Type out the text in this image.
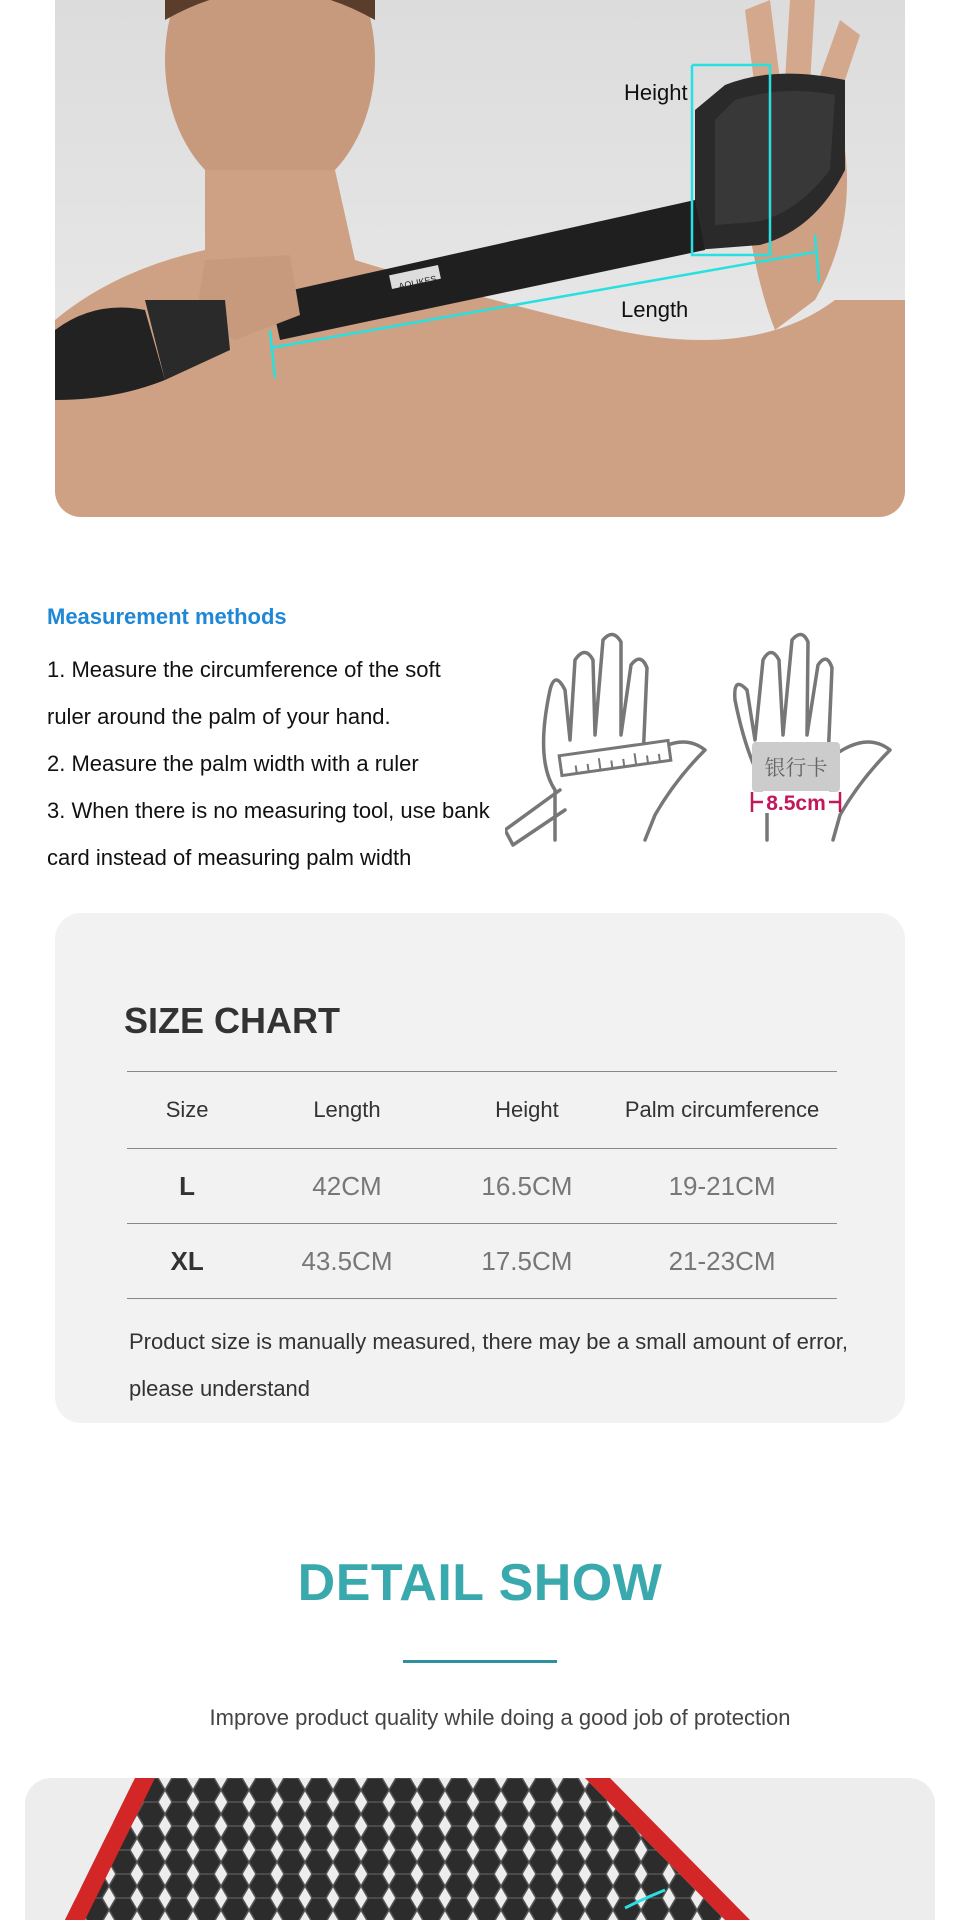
AOLIKES
Height
Length
Measurement methods
1. Measure the circumference of the soft
ruler around the palm of your hand.
2. Measure the palm width with a ruler
3. When there is no measuring tool, use bank
card instead of measuring palm width
银行卡
8.5cm
SIZE CHART
Size	Length	Height	Palm circumference
L	42CM	16.5CM	19-21CM
XL	43.5CM	17.5CM	21-23CM
Product size is manually measured, there may be a small amount of error, please understand
DETAIL SHOW
Improve product quality while doing a good job of protection
